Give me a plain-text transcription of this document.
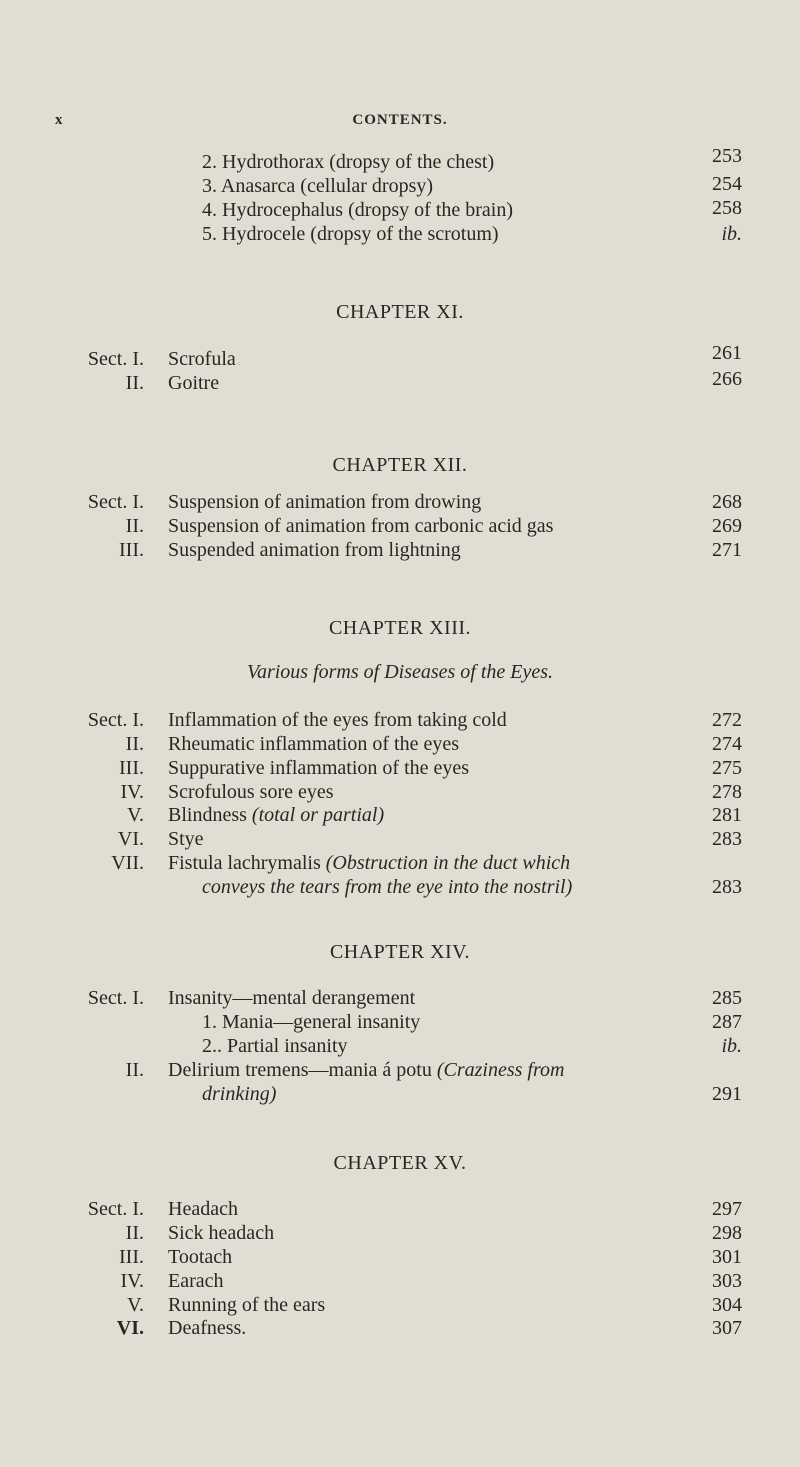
x	CONTENTS.
2. Hydrothorax (dropsy of the chest)	253
3. Anasarca (cellular dropsy)	254
4. Hydrocephalus (dropsy of the brain)	258
5. Hydrocele (dropsy of the scrotum)	ib.
CHAPTER XI.
Sect. I. Scrofula	261
II. Goitre	266
CHAPTER XII.
Sect. I. Suspension of animation from drowing	268
II. Suspension of animation from carbonic acid gas	269
III. Suspended animation from lightning	271
CHAPTER XIII.
Various forms of Diseases of the Eyes.
Sect. I. Inflammation of the eyes from taking cold	272
II. Rheumatic inflammation of the eyes	274
III. Suppurative inflammation of the eyes	275
IV. Scrofulous sore eyes	278
V. Blindness (total or partial)	281
VI. Stye	283
VII. Fistula lachrymalis (Obstruction in the duct which
conveys the tears from the eye into the nostril)	283
CHAPTER XIV.
Sect. I. Insanity—mental derangement	285
1. Mania—general insanity	287
2.. Partial insanity	ib.
II. Delirium tremens—mania á potu (Craziness from
drinking)	291
CHAPTER XV.
Sect. I. Headach	297
II. Sick headach	298
III. Tootach	301
IV. Earach	303
V. Running of the ears	304
VI. Deafness.	307
